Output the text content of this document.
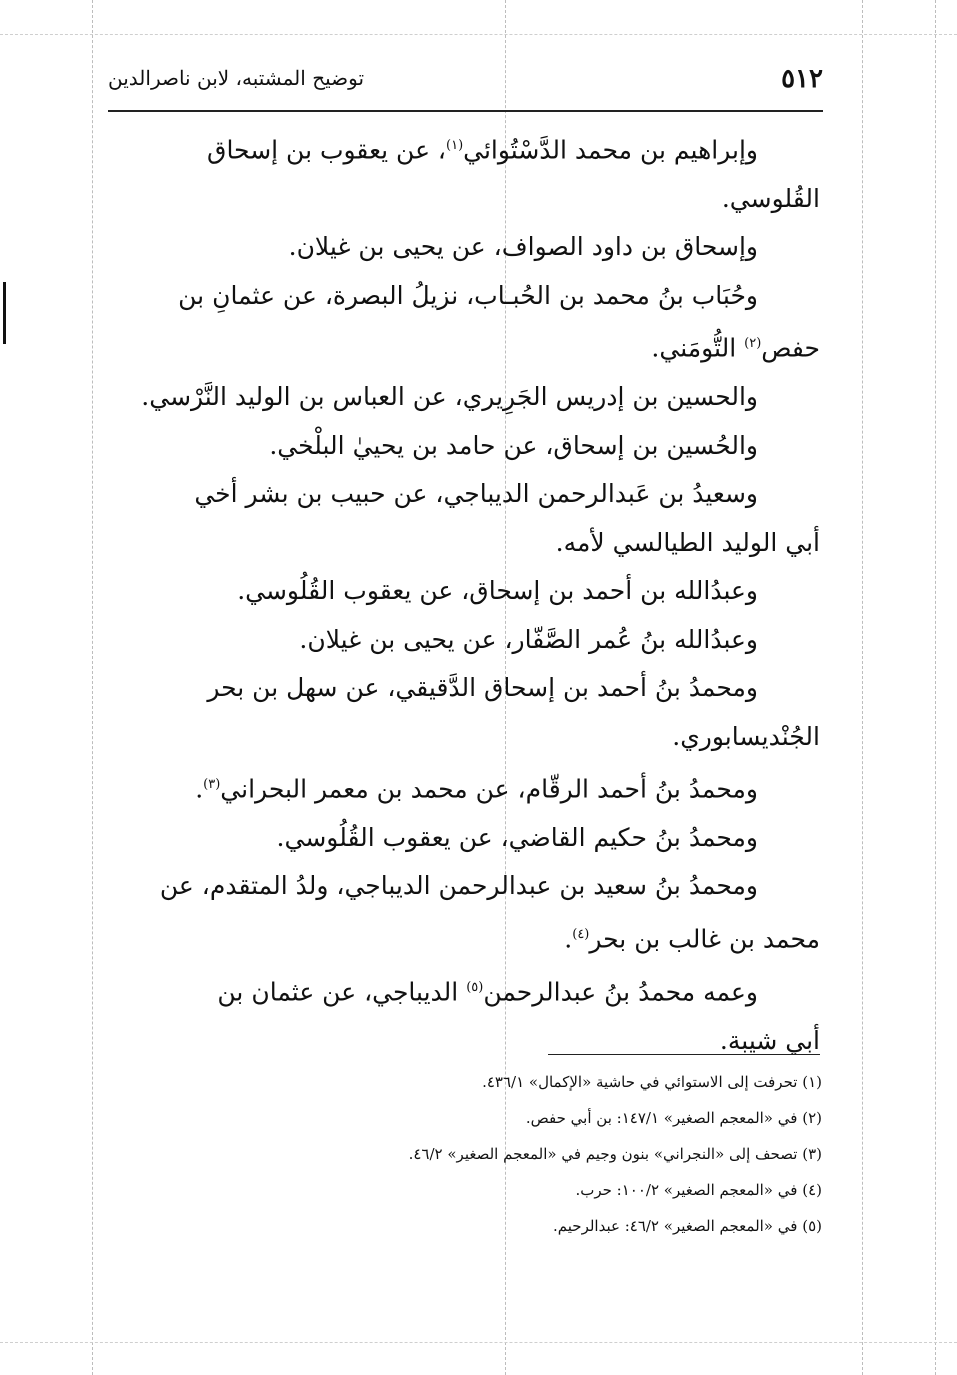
٥١٢
توضيح المشتبه، لابن ناصرالدين

وإبراهيم بن محمد الدَّسْتُوائي$^{(١)}$، عن يعقوب بن إسحاق

القُلوسي.

وإسحاق بن داود الصواف، عن يحيى بن غيلان.

وحُبَاب بنُ محمد بن الحُبـاب، نزيلُ البصرة، عن عثمانِ بن

حفص$^{(٢)}$ التُّومَني.

والحسين بن إدريس الجَرِيري، عن العباس بن الوليد النَّرْسي.

والحُسين بن إسحاق، عن حامد بن يحييٰ البلْخي.

وسعيدُ بن عَبدالرحمن الديباجي، عن حبيب بن بشر أخي

أبي الوليد الطيالسي لأمه.

وعبدُالله بن أحمد بن إسحاق، عن يعقوب القُلُوسي.

وعبدُالله بنُ عُمر الصَّفّار، عن يحيى بن غيلان.

ومحمدُ بنُ أحمد بن إسحاق الدَّقيقي، عن سهل بن بحر

الجُنْديسابوري.

ومحمدُ بنُ أحمد الرقّام، عن محمد بن معمر البحراني$^{(٣)}$.

ومحمدُ بنُ حكيم القاضي، عن يعقوب القُلُوسي.

ومحمدُ بنُ سعيد بن عبدالرحمن الديباجي، ولدُ المتقدم، عن

محمد بن غالب بن بحر$^{(٤)}$.

وعمه محمدُ بنُ عبدالرحمن$^{(٥)}$ الديباجي، عن عثمان بن

أبي شيبة.

(١) تحرفت إلى الاستوائي في حاشية «الإكمال» ٤٣٦/١.
(٢) في «المعجم الصغير» ١٤٧/١: بن أبي حفص.
(٣) تصحف إلى «النجراني» بنون وجيم في «المعجم الصغير» ٤٦/٢.
(٤) في «المعجم الصغير» ١٠٠/٢: حرب.
(٥) في «المعجم الصغير» ٤٦/٢: عبدالرحيم.
